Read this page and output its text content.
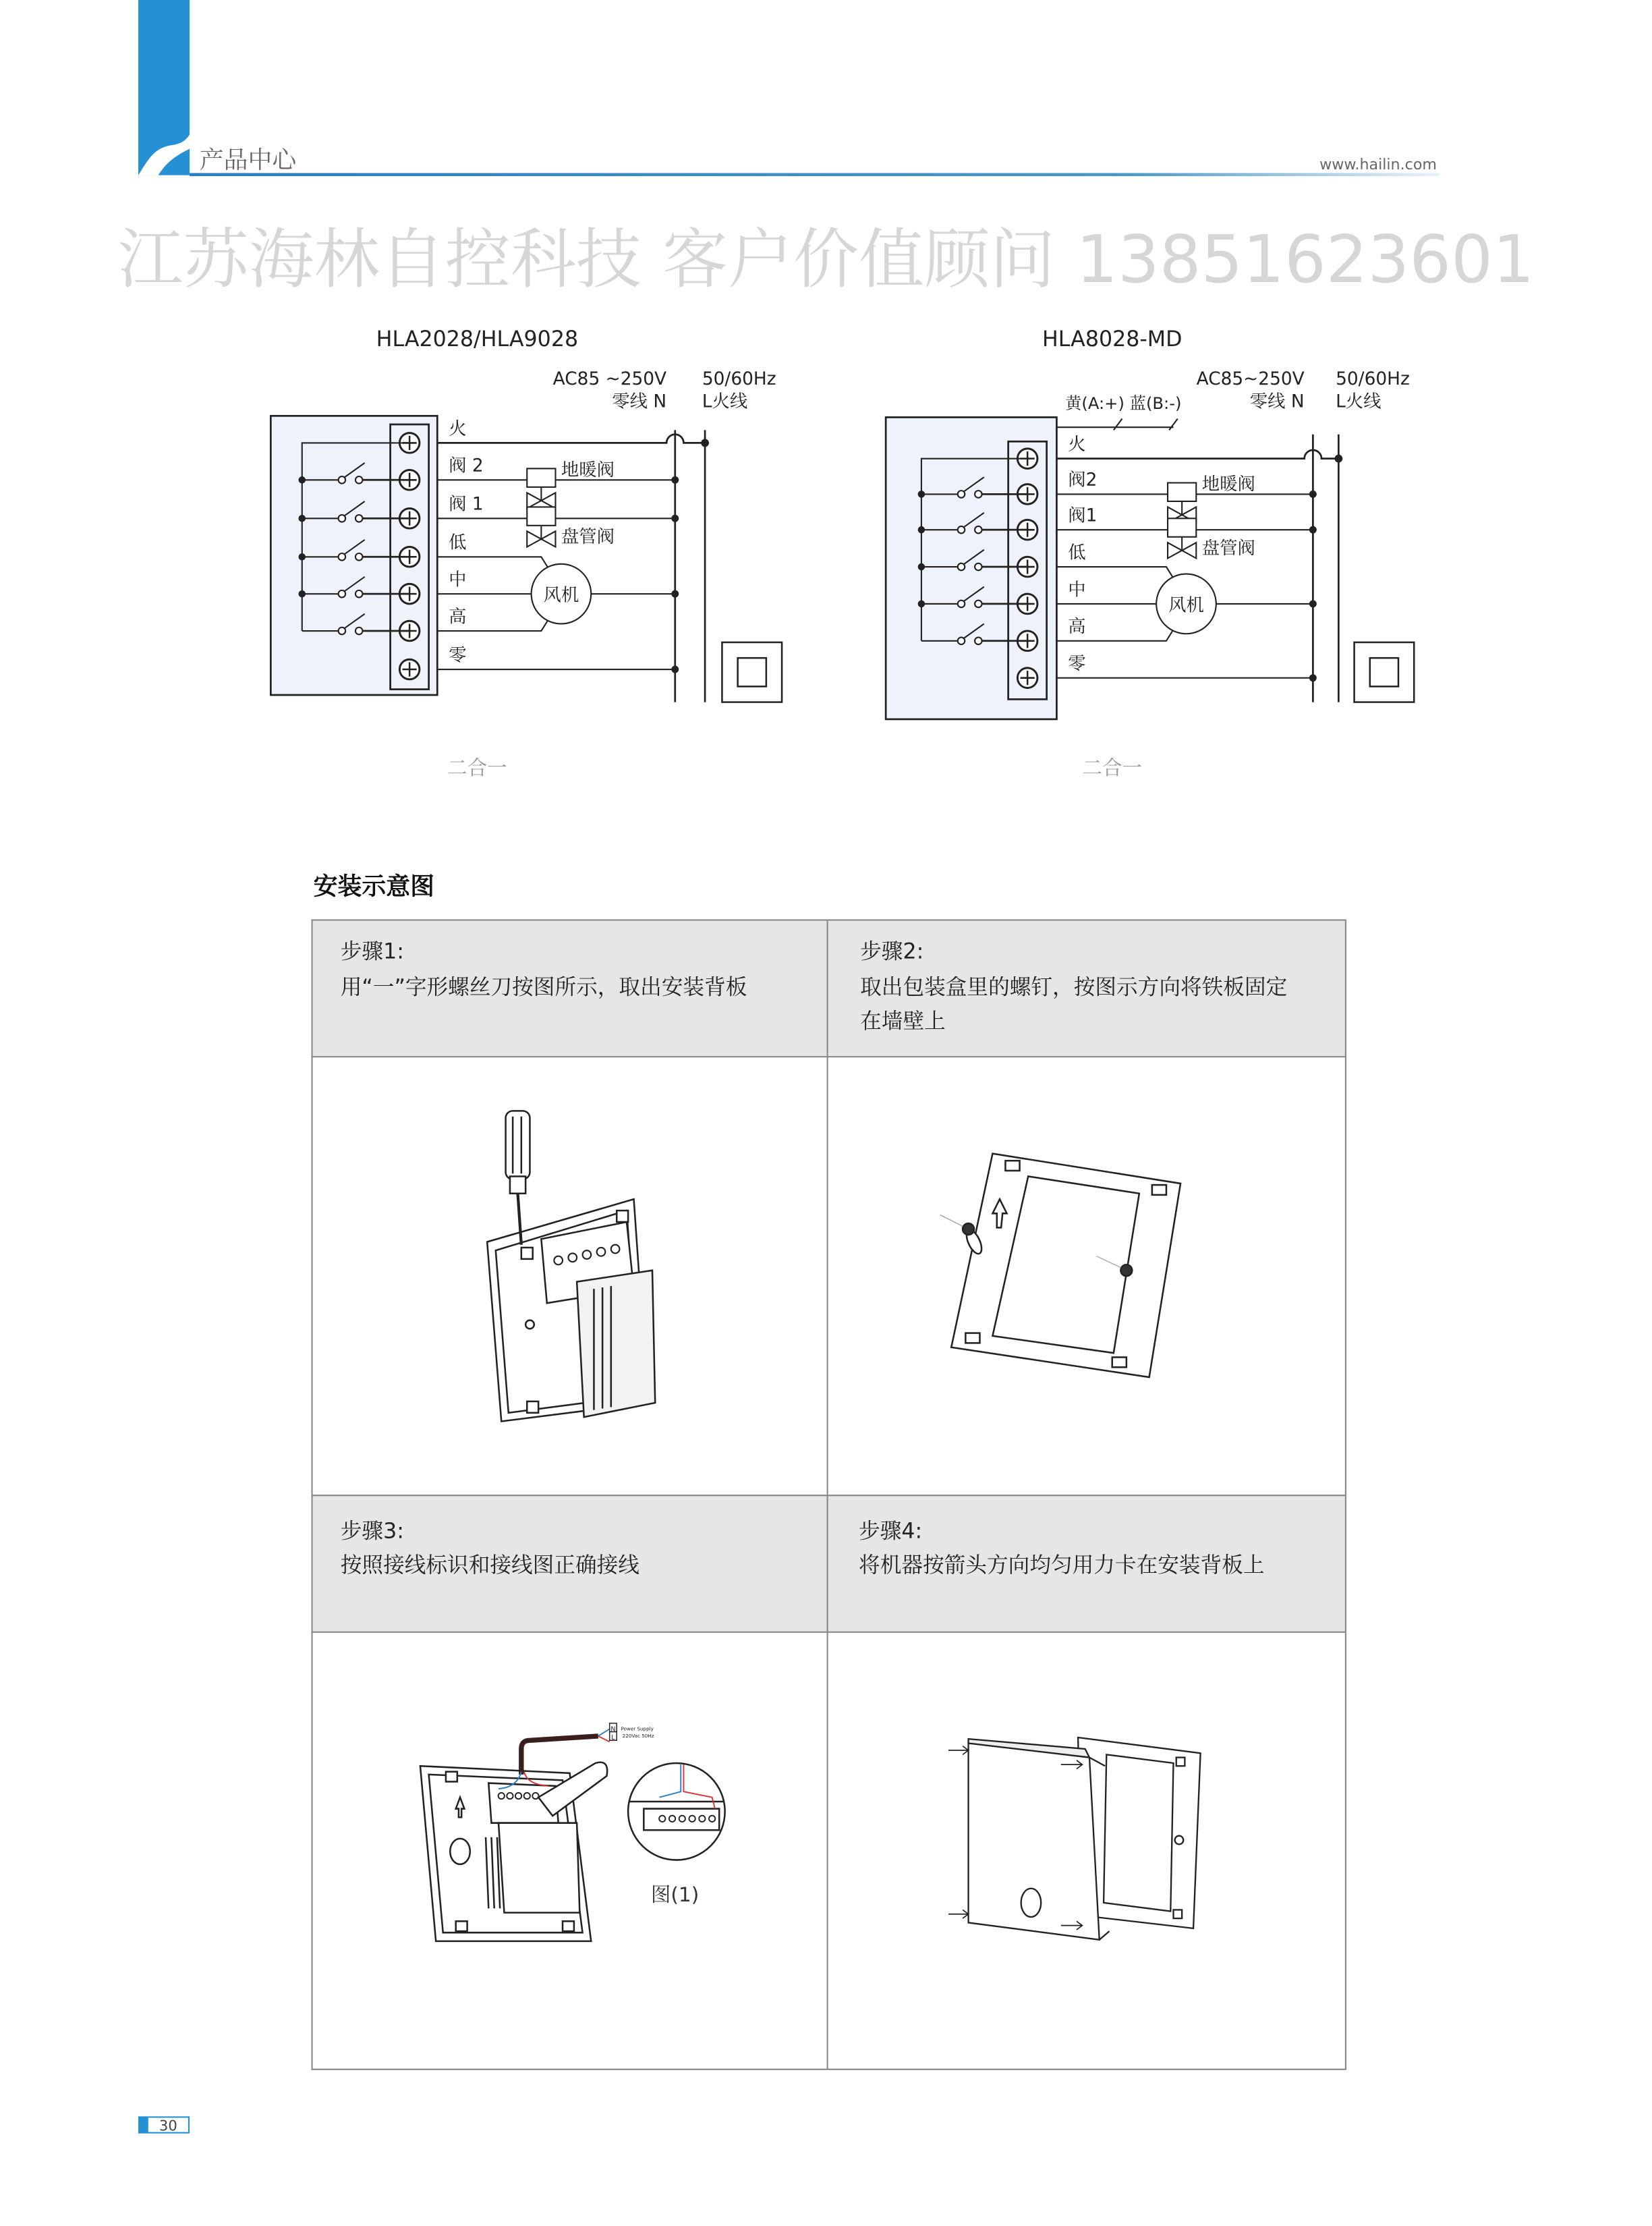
产品中心	www.hailin.com
江苏海林自控科技 客户价值顾问 13851623601
HLA2028/HLA9028
AC85 ~250V	50/60Hz
零线 N	L火线
火
阀 2
阀 1
低
中
高
零
地暖阀
盘管阀
风机
二合一
HLA8028-MD
AC85~250V	50/60Hz
零线 N	L火线
黄(A:+) 蓝(B:-)
火
阀2
阀1
低
中
高
零
地暖阀
盘管阀
风机
二合一
安装示意图
步骤1:
用“一”字形螺丝刀按图所示，取出安装背板
步骤2:
取出包装盒里的螺钉，按图示方向将铁板固定
在墙壁上
步骤3:
按照接线标识和接线图正确接线
步骤4:
将机器按箭头方向均匀用力卡在安装背板上
N
L
Power Supply
220Vac 50Hz
图(1)
30
